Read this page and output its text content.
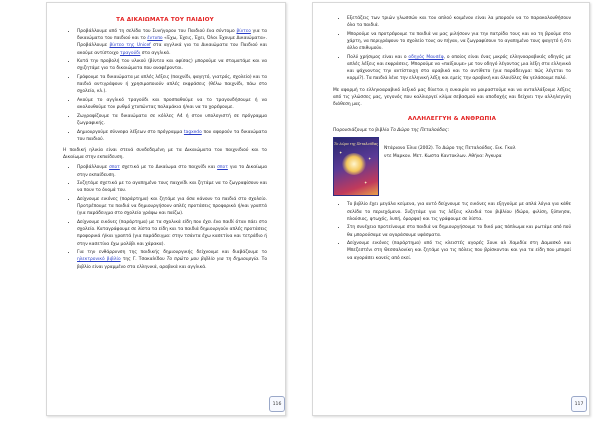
ΤΑ ΔΙΚΑΙΩΜΑΤΑ ΤΟΥ ΠΑΙΔΙΟΥ
• Προβάλλουμε από τη σελίδα του Συνήγορου του Παιδιού ένα σύντομο βίντεο για τα δικαιώματα του παιδιού και το έντυπο «Έχω, Έχεις, Έχει, Όλοι Έχουμε Δικαιώματα». Προβάλλουμε βίντεο της Unicef στα αγγλικά για τα Δικαιώματα του Παιδιού και ακούμε αντίστοιχο τραγούδι στα αγγλικά.
• Κατά την προβολή του υλικού (βίντεο και αφίσας) μπορούμε να σταματάμε και να σχιζητάμε για τα δικαιώματα που αναφέρονται.
• Γράφουμε τα δικαιώματα με απλές λέξεις (παιχνίδι, φαγητό, γιατρός, σχολείο) και τα παιδιά αντιγράφουν ή χρησιμοποιούν απλές εκφράσεις (θέλω παιχνίδι, πάω στο σχολείο, κλ.).
• Ακούμε το αγγλικό τραγούδι και προσπαθούμε να το τραγουδήσουμε ή να ακολουθούμε τον ρυθμό χτυπώντας παλαμάκια ή/και να το χορέψουμε.
• Ζωγραφίζουμε τα δικαιώματα σε κόλλες Α4 ή στον υπολογιστή σε πρόγραμμα ζωγραφικής.
• Δημιουργούμε σύννεφα λέξεων στο πρόγραμμα tagxedo που αφορούν τα δικαιώματα του παιδιού.

Η παιδική ηλικία είναι στενά συνδεδεμένη με τα Δικαιώματα του παιχνιδιού και το Δικαίωμα στην εκπαίδευση.

• Προβάλλουμε σποτ σχετικά με το Δικαίωμα στο παιχνίδι και σποτ για το Δικαίωμα στην εκπαίδευση.
• Συζητάμε σχετικά με το αγαπημένο τους παιχνίδι και ζητάμε να το ζωγραφίσουν και να πουν το όνομά του.
• Δείχνουμε εικόνες (παράρτημα) και ζητάμε για όσα κάνουν τα παιδιά στο σχολείο. Προτρέπουμε τα παιδιά να δημιουργήσουν απλές προτάσεις προφορικά ή/και γραπτά (για παράδειγμα στο σχολείο γράφω και παίζω).
• Δείχνουμε εικόνες (παράρτημα) με τα σχολικά είδη που έχει ένα παιδί όταν πάει στο σχολείο. Καταγράφουμε σε λίστα τα είδη και τα παιδιά δημιουργούν απλές προτάσεις προφορικά ή/και γραπτά (για παράδειγμα: στην τσάντα έχω κασετίνα και τετράδιο ή στην κασετίνα έχω μολύβι και χάρακα).
• Για την ενθάρρυνση της παιδικής δημιουργικής δείχνουμε και διαβάζουμε το ηλεκτρονικό βιβλίο της Γ. Τσακαλίδου Το πρώτο μου βιβλίο για τη δημιουργία. Το βιβλίο είναι γραμμένο στα ελληνικά, αραβικά και αγγλικά.
116
• Εξετάζεις των τριών γλωσσών και του απλού κοιμένου είναι λα μπορούν να το παρακολουθήσουν όλα τα παιδιά.
• Μπορούμε να προτρέψουμε τα παιδιά να μας μιλήσουν για την πατρίδα τους και να τη βρούμε στο χάρτη, να περιγράψουν το σχολείο τους αν πήγαν, να ζωγραφίσουν το αγαπημένο τους φαγητό ή ότι άλλο επιθυμούν.
• Πολύ χρήσιμος είναι και ο οδηγός Μαυσέφ, ο οποίος είναι ένας μικρός ελληνοαραβικός οδηγός με απλές λέξεις και εκφράσεις. Μπορούμε να «παίξουμε» με τον οδηγό λέγοντας μια λέξη στα ελληνικά και ψάχνοντας την αντίστοιχη στα αραβικά και το αντίθετο (για παράδειγμα: πώς λέγεται το κορμί?). Τα παιδιά λένε την ελληνική λέξη και εμείς την αραβική και όλοι/όλες θα γελάσουμε πολύ.

Με αφορμή το ελληνοαραβικό λεξικό μας δίνεται η ευκαιρία να μοιραστούμε και να ανταλλάξουμε λέξεις από τις γλώσσες μας, γεγονός που καλλιεργεί κλίμα σεβασμού και αποδοχής και δείχνει την αλληλεγγύη διάθεση μας.

ΑΛΛΗΛΕΓΓΥΗ & ΑΝΘΡΩΠΙΑ

Παρουσιάζουμε το βιβλίο Το Δώρο της Πεταλούδας:

Το Δώρο της Πεταλούδας
✦
✦
✦
Ντάριανο Έλια (2002). Το Δώρο της Πεταλούδας. Εικ. Γκαλ
ντε Μαρκον. Μετ. Κωστα Καντοκλων. Αθήνα: Άγκυρα
• Το βιβλίο έχει μεγάλα κείμενα, για αυτό δείχνουμε τις εικόνες και εξηγούμε με απλά λόγια για κάθε σελίδα το περιεχόμενο. Συζητάμε για τις λέξεις κλειδιά του βιβλίου (δώρο, φιλίση, ξύπνησα, πλούσιος, φτωχός, λυπή, όμορφα) και τις γράφουμε σε λίστα.
• Στη συνέχεια προτείνουμε στα παιδιά να δημιουργήσουμε το δικό μας πάπλωμα και ρωτάμε από πού θα μπορούσαμε να αγοράσουμε υφάσματα.
• Δείχνουμε εικόνες (παράρτημα) από τις κλειστές αγορές Σουκ αλ Χαμιδία στη Δαμασκό και Μπεζεστένι στη Θεσσαλονίκη και ζητάμε για τις πόλεις που βρίσκονται και για τα είδη που μπορεί να αγοράσει κανείς από εκεί.
117
